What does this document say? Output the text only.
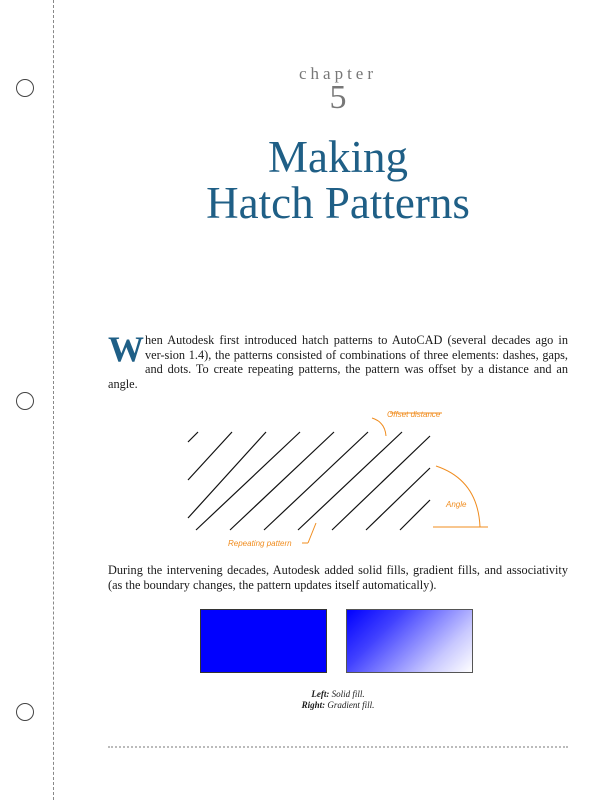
chapter
5
Making
Hatch Patterns
When Autodesk first introduced hatch patterns to AutoCAD (several decades ago in ver-sion 1.4), the patterns consisted of combinations of three elements: dashes, gaps, and dots. To create repeating patterns, the pattern was offset by a distance and an angle.
Offset distance
Angle
Repeating pattern
During the intervening decades, Autodesk added solid fills, gradient fills, and associativity (as the boundary changes, the pattern updates itself automatically).
Left: Solid fill.
Right: Gradient fill.
